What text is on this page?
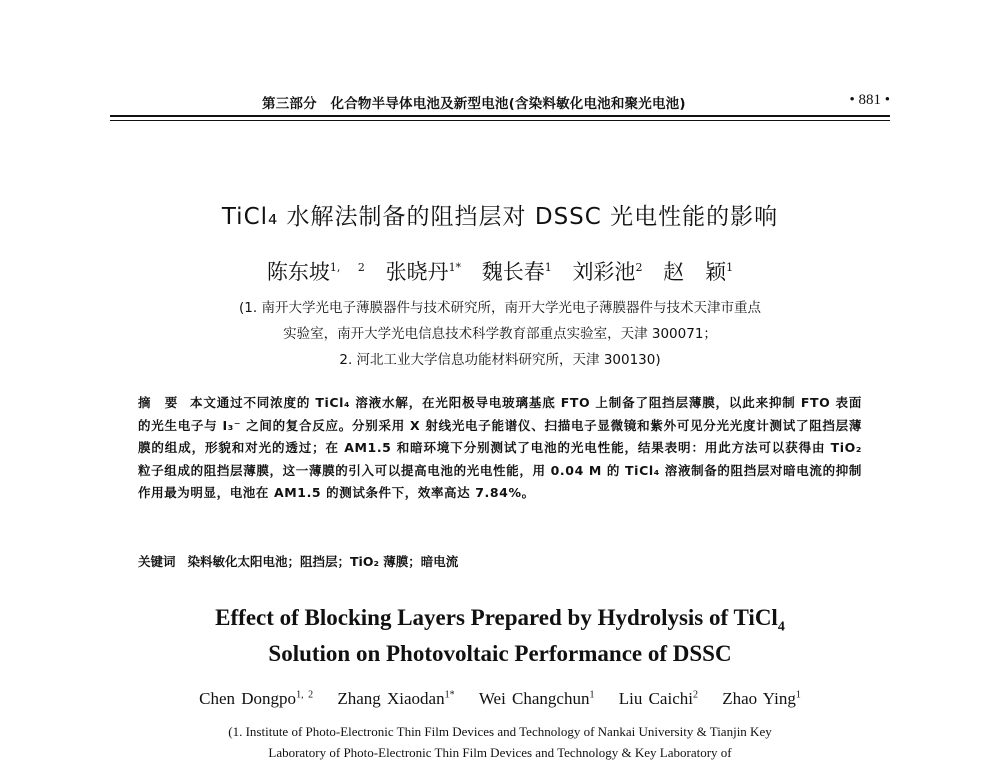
第三部分　化合物半导体电池及新型电池(含染料敏化电池和聚光电池)	• 881 •
TiCl₄ 水解法制备的阻挡层对 DSSC 光电性能的影响
陈东坡$^{1, 2}$ 张晓丹$^{1*}$ 魏长春$^1$ 刘彩池$^2$ 赵　颖$^1$
(1. 南开大学光电子薄膜器件与技术研究所，南开大学光电子薄膜器件与技术天津市重点
实验室，南开大学光电信息技术科学教育部重点实验室，天津 300071；
2. 河北工业大学信息功能材料研究所，天津 300130)
摘　要 本文通过不同浓度的 TiCl₄ 溶液水解，在光阳极导电玻璃基底 FTO 上制备了阻挡层薄膜，以此来抑制 FTO 表面的光生电子与 I₃⁻ 之间的复合反应。分别采用 X 射线光电子能谱仪、扫描电子显微镜和紫外可见分光光度计测试了阻挡层薄膜的组成，形貌和对光的透过；在 AM1.5 和暗环境下分别测试了电池的光电性能，结果表明：用此方法可以获得由 TiO₂ 粒子组成的阻挡层薄膜，这一薄膜的引入可以提高电池的光电性能，用 0.04 M 的 TiCl₄ 溶液制备的阻挡层对暗电流的抑制作用最为明显，电池在 AM1.5 的测试条件下，效率高达 7.84%。
关键词 染料敏化太阳电池；阻挡层；TiO₂ 薄膜；暗电流
Effect of Blocking Layers Prepared by Hydrolysis of TiCl$_4$
Solution on Photovoltaic Performance of DSSC
Chen Dongpo$^{1, 2}$ Zhang Xiaodan$^{1*}$ Wei Changchun$^1$ Liu Caichi$^2$ Zhao Ying$^1$
(1. Institute of Photo-Electronic Thin Film Devices and Technology of Nankai University & Tianjin Key
Laboratory of Photo-Electronic Thin Film Devices and Technology & Key Laboratory of
